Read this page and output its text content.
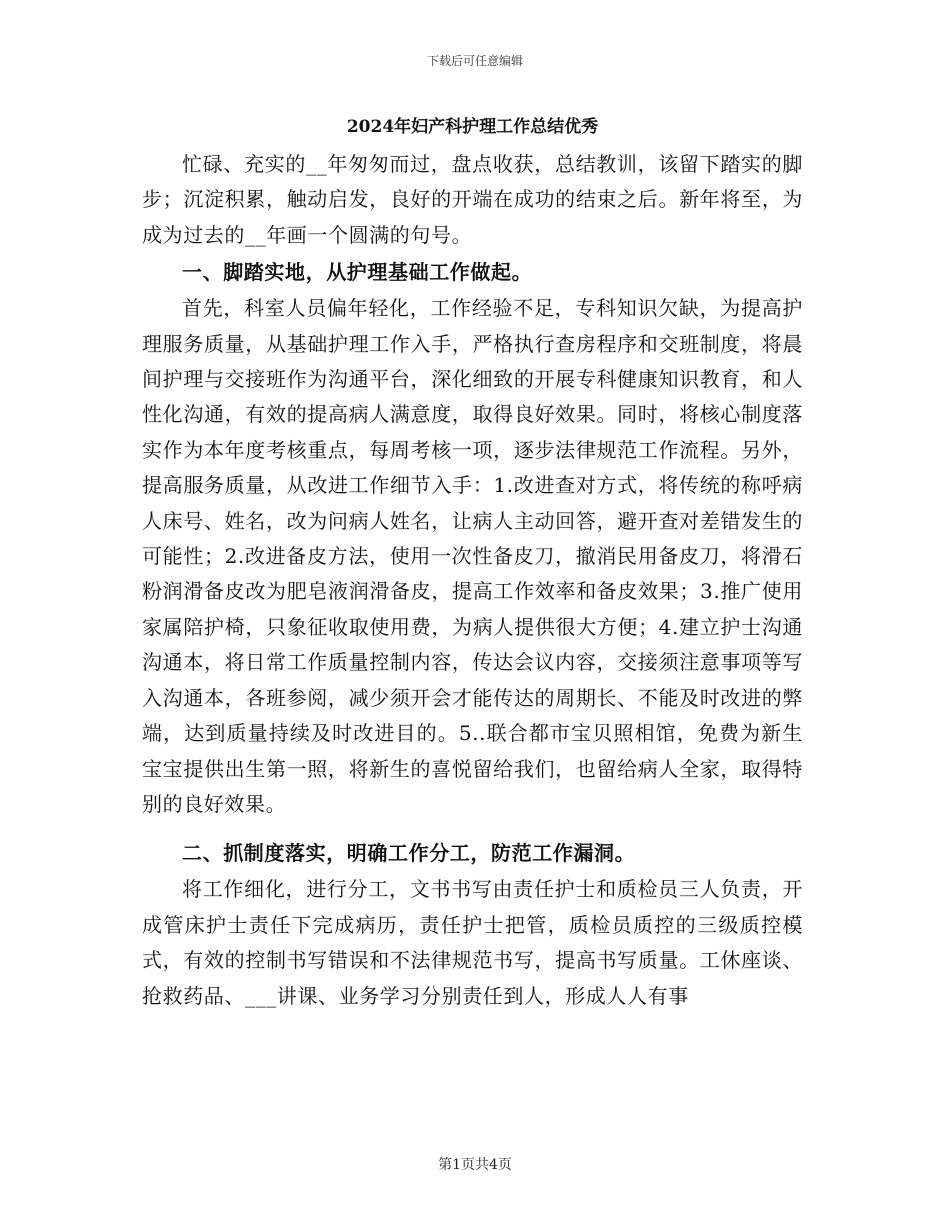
下载后可任意编辑
2024年妇产科护理工作总结优秀

忙碌、充实的__年匆匆而过，盘点收获，总结教训，该留下踏实的脚步；沉淀积累，触动启发，良好的开端在成功的结束之后。新年将至，为成为过去的__年画一个圆满的句号。

一、脚踏实地，从护理基础工作做起。

首先，科室人员偏年轻化，工作经验不足，专科知识欠缺，为提高护理服务质量，从基础护理工作入手，严格执行查房程序和交班制度，将晨间护理与交接班作为沟通平台，深化细致的开展专科健康知识教育，和人性化沟通，有效的提高病人满意度，取得良好效果。同时，将核心制度落实作为本年度考核重点，每周考核一项，逐步法律规范工作流程。另外，提高服务质量，从改进工作细节入手：1.改进查对方式，将传统的称呼病人床号、姓名，改为问病人姓名，让病人主动回答，避开查对差错发生的可能性；2.改进备皮方法，使用一次性备皮刀，撤消民用备皮刀，将滑石粉润滑备皮改为肥皂液润滑备皮，提高工作效率和备皮效果；3.推广使用家属陪护椅，只象征收取使用费，为病人提供很大方便；4.建立护士沟通沟通本，将日常工作质量控制内容，传达会议内容，交接须注意事项等写入沟通本，各班参阅，减少须开会才能传达的周期长、不能及时改进的弊端，达到质量持续及时改进目的。5..联合都市宝贝照相馆，免费为新生宝宝提供出生第一照，将新生的喜悦留给我们，也留给病人全家，取得特别的良好效果。

二、抓制度落实，明确工作分工，防范工作漏洞。

将工作细化，进行分工，文书书写由责任护士和质检员三人负责，开成管床护士责任下完成病历，责任护士把管，质检员质控的三级质控模式，有效的控制书写错误和不法律规范书写，提高书写质量。工休座谈、抢救药品、___讲课、业务学习分别责任到人，形成人人有事

第1页共4页
